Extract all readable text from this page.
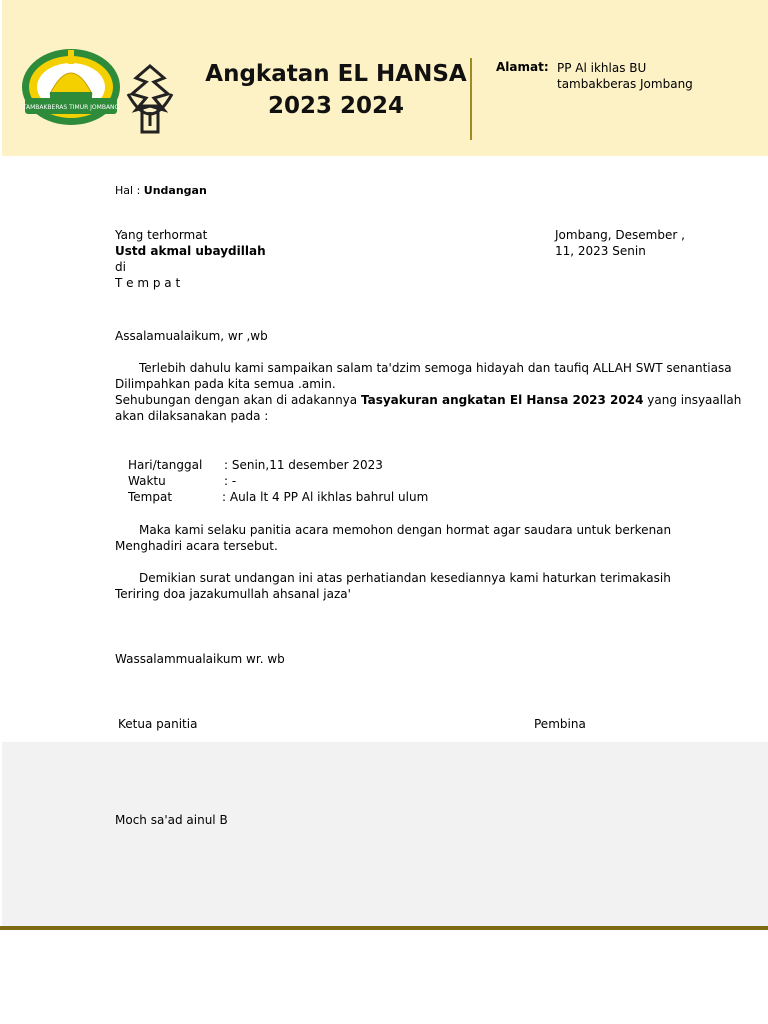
TAMBAKBERAS TIMUR JOMBANG
Angkatan EL HANSA
2023 2024
Alamat: PP Al ikhlas BU
tambakberas Jombang
Hal : Undangan
Yang terhormat
Ustd akmal ubaydillah
di
T e m p a t
Jombang, Desember ,
11, 2023 Senin
Assalamualaikum, wr ,wb
Terlebih dahulu kami sampaikan salam ta'dzim semoga hidayah dan taufiq ALLAH SWT senantiasa
Dilimpahkan pada kita semua .amin.
Sehubungan dengan akan di adakannya Tasyakuran angkatan El Hansa 2023 2024 yang insyaallah
akan dilaksanakan pada :
Hari/tanggal : Senin,11 desember 2023
Waktu	: -
Tempat	: Aula lt 4 PP Al ikhlas bahrul ulum
Maka kami selaku panitia acara memohon dengan hormat agar saudara untuk berkenan
Menghadiri acara tersebut.
Demikian surat undangan ini atas perhatiandan kesediannya kami haturkan terimakasih
Teriring doa jazakumullah ahsanal jaza'
Wassalammualaikum wr. wb
Ketua panitia	Pembina
Moch sa'ad ainul B
